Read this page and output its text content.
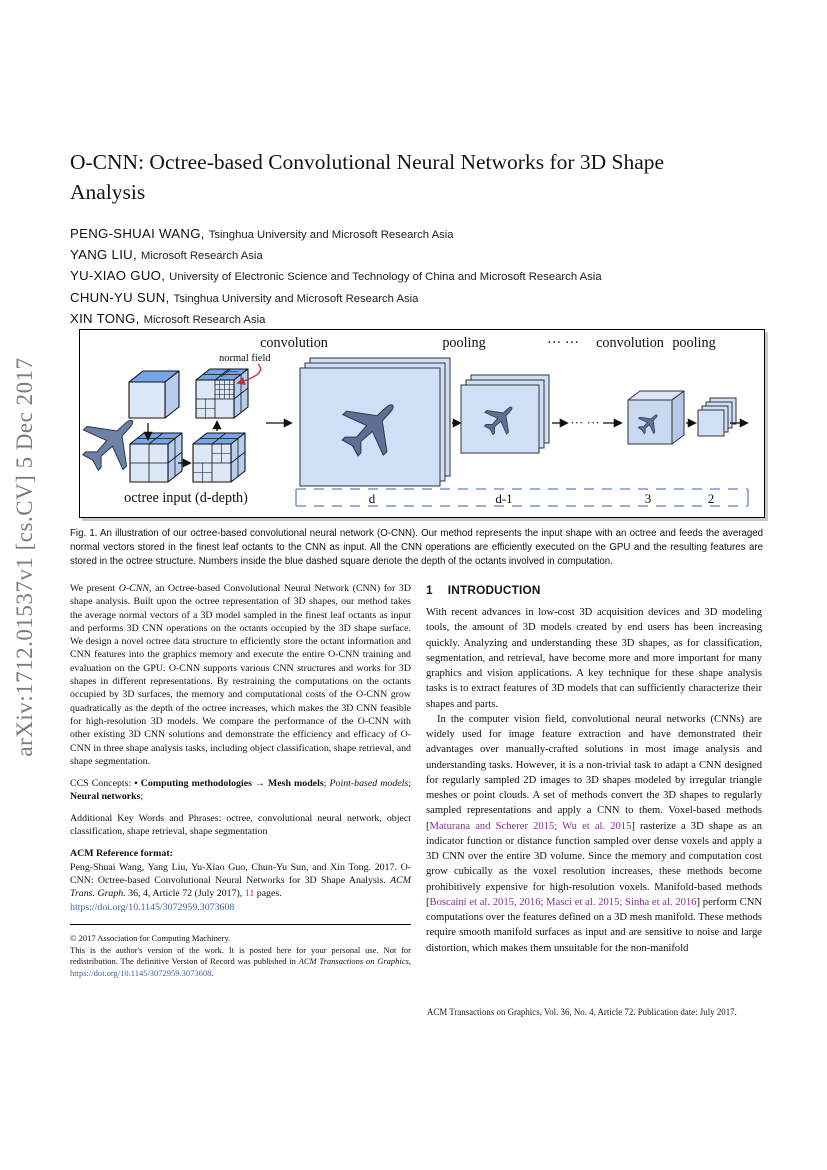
arXiv:1712.01537v1 [cs.CV] 5 Dec 2017
O-CNN: Octree-based Convolutional Neural Networks for 3D Shape
Analysis
PENG-SHUAI WANG, Tsinghua University and Microsoft Research Asia
YANG LIU, Microsoft Research Asia
YU-XIAO GUO, University of Electronic Science and Technology of China and Microsoft Research Asia
CHUN-YU SUN, Tsinghua University and Microsoft Research Asia
XIN TONG, Microsoft Research Asia
convolution	pooling	··· ··· convolution pooling
normal field
octree input (d-depth)
··· ···
d	d-1	3	2
Fig. 1. An illustration of our octree-based convolutional neural network (O-CNN). Our method represents the input shape with an octree and feeds the averaged normal vectors stored in the finest leaf octants to the CNN as input. All the CNN operations are efficiently executed on the GPU and the resulting features are stored in the octree structure. Numbers inside the blue dashed square denote the depth of the octants involved in computation.

We present O-CNN, an Octree-based Convolutional Neural Network (CNN) for 3D shape analysis. Built upon the octree representation of 3D shapes, our method takes the average normal vectors of a 3D model sampled in the finest leaf octants as input and performs 3D CNN operations on the octants occupied by the 3D shape surface. We design a novel octree data structure to efficiently store the octant information and CNN features into the graphics memory and execute the entire O-CNN training and evaluation on the GPU. O-CNN supports various CNN structures and works for 3D shapes in different representations. By restraining the computations on the octants occupied by 3D surfaces, the memory and computational costs of the O-CNN grow quadratically as the depth of the octree increases, which makes the 3D CNN feasible for high-resolution 3D models. We compare the performance of the O-CNN with other existing 3D CNN solutions and demonstrate the efficiency and efficacy of O-CNN in three shape analysis tasks, including object classification, shape retrieval, and shape segmentation.

CCS Concepts: • Computing methodologies → Mesh models; Point-based models; Neural networks;

Additional Key Words and Phrases: octree, convolutional neural network, object classification, shape retrieval, shape segmentation

ACM Reference format:

Peng-Shuai Wang, Yang Liu, Yu-Xiao Guo, Chun-Yu Sun, and Xin Tong. 2017. O-CNN: Octree-based Convolutional Neural Networks for 3D Shape Analysis. ACM Trans. Graph. 36, 4, Article 72 (July 2017), 11 pages.

https://doi.org/10.1145/3072959.3073608

© 2017 Association for Computing Machinery.
This is the author's version of the work. It is posted here for your personal use. Not for redistribution. The definitive Version of Record was published in ACM Transactions on Graphics, https://doi.org/10.1145/3072959.3073608.

1 INTRODUCTION

With recent advances in low-cost 3D acquisition devices and 3D modeling tools, the amount of 3D models created by end users has been increasing quickly. Analyzing and understanding these 3D shapes, as for classification, segmentation, and retrieval, have become more and more important for many graphics and vision applications. A key technique for these shape analysis tasks is to extract features of 3D models that can sufficiently characterize their shapes and parts.

In the computer vision field, convolutional neural networks (CNNs) are widely used for image feature extraction and have demonstrated their advantages over manually-crafted solutions in most image analysis and understanding tasks. However, it is a non-trivial task to adapt a CNN designed for regularly sampled 2D images to 3D shapes modeled by irregular triangle meshes or point clouds. A set of methods convert the 3D shapes to regularly sampled representations and apply a CNN to them. Voxel-based methods [Maturana and Scherer 2015; Wu et al. 2015] rasterize a 3D shape as an indicator function or distance function sampled over dense voxels and apply a 3D CNN over the entire 3D volume. Since the memory and computation cost grow cubically as the voxel resolution increases, these methods become prohibitively expensive for high-resolution voxels. Manifold-based methods [Boscaini et al. 2015, 2016; Masci et al. 2015; Sinha et al. 2016] perform CNN computations over the features defined on a 3D mesh manifold. These methods require smooth manifold surfaces as input and are sensitive to noise and large distortion, which makes them unsuitable for the non-manifold

ACM Transactions on Graphics, Vol. 36, No. 4, Article 72. Publication date: July 2017.
